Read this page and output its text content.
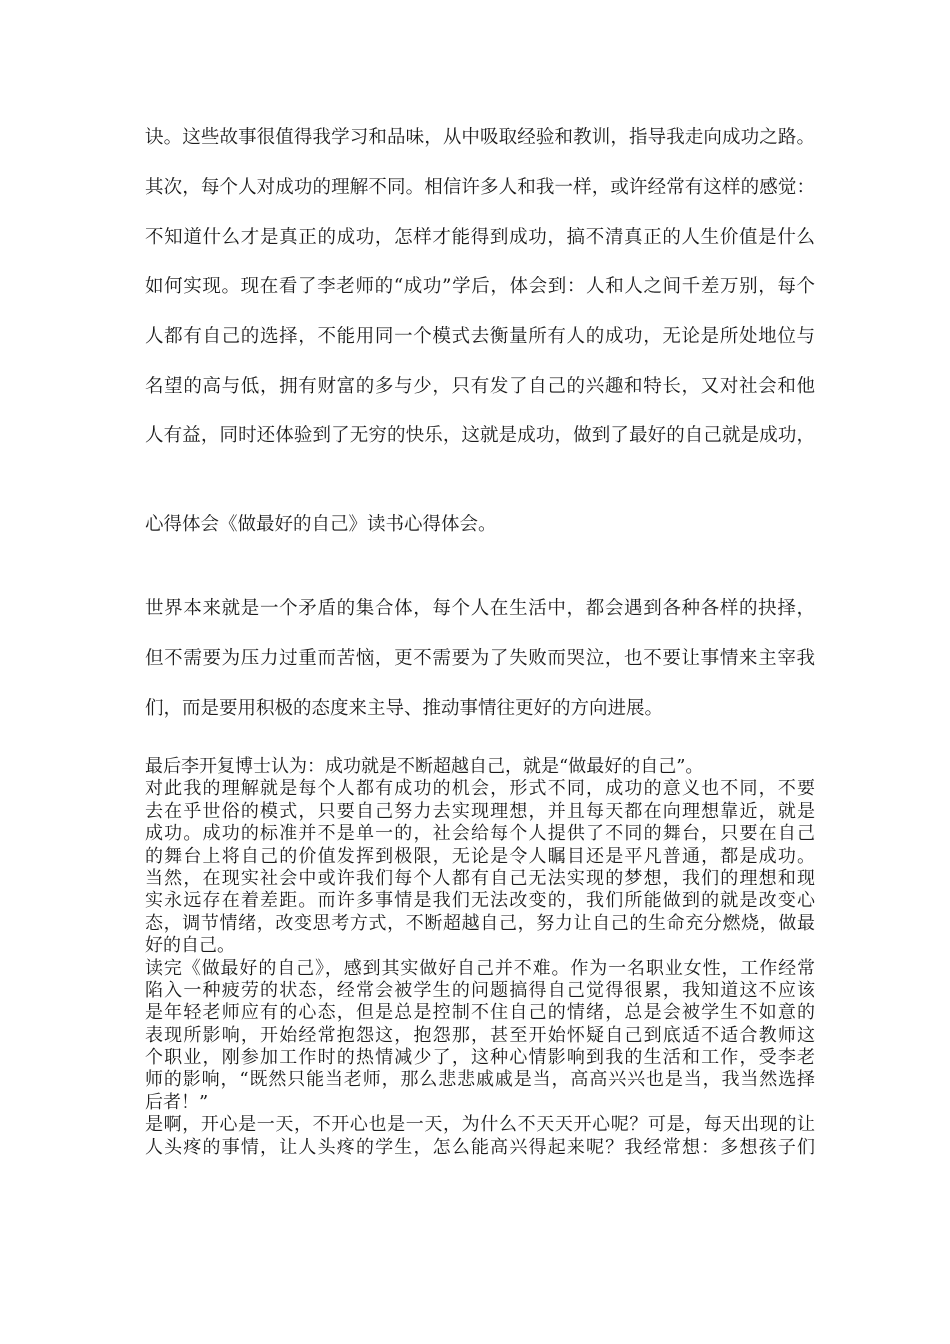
诀。这些故事很值得我学习和品味，从中吸取经验和教训，指导我走向成功之路。
其次，每个人对成功的理解不同。相信许多人和我一样，或许经常有这样的感觉：
不知道什么才是真正的成功，怎样才能得到成功，搞不清真正的人生价值是什么
如何实现。现在看了李老师的“成功”学后，体会到：人和人之间千差万别，每个
人都有自己的选择，不能用同一个模式去衡量所有人的成功，无论是所处地位与
名望的高与低，拥有财富的多与少，只有发了自己的兴趣和特长，又对社会和他
人有益，同时还体验到了无穷的快乐，这就是成功，做到了最好的自己就是成功，
心得体会《做最好的自己》读书心得体会。
世界本来就是一个矛盾的集合体，每个人在生活中，都会遇到各种各样的抉择，
但不需要为压力过重而苦恼，更不需要为了失败而哭泣，也不要让事情来主宰我
们，而是要用积极的态度来主导、推动事情往更好的方向进展。
最后李开复博士认为：成功就是不断超越自己，就是“做最好的自己”。
对此我的理解就是每个人都有成功的机会，形式不同，成功的意义也不同，不要
去在乎世俗的模式，只要自己努力去实现理想，并且每天都在向理想靠近，就是
成功。成功的标准并不是单一的，社会给每个人提供了不同的舞台，只要在自己
的舞台上将自己的价值发挥到极限，无论是令人瞩目还是平凡普通，都是成功。
当然，在现实社会中或许我们每个人都有自己无法实现的梦想，我们的理想和现
实永远存在着差距。而许多事情是我们无法改变的，我们所能做到的就是改变心
态，调节情绪，改变思考方式，不断超越自己，努力让自己的生命充分燃烧，做最
好的自己。
读完《做最好的自己》，感到其实做好自己并不难。作为一名职业女性，工作经常
陷入一种疲劳的状态，经常会被学生的问题搞得自己觉得很累，我知道这不应该
是年轻老师应有的心态，但是总是控制不住自己的情绪，总是会被学生不如意的
表现所影响，开始经常抱怨这，抱怨那，甚至开始怀疑自己到底适不适合教师这
个职业，刚参加工作时的热情减少了，这种心情影响到我的生活和工作，受李老
师的影响，“既然只能当老师，那么悲悲戚戚是当，高高兴兴也是当，我当然选择
后者！”
是啊，开心是一天，不开心也是一天，为什么不天天开心呢？可是，每天出现的让
人头疼的事情，让人头疼的学生，怎么能高兴得起来呢？我经常想：多想孩子们
